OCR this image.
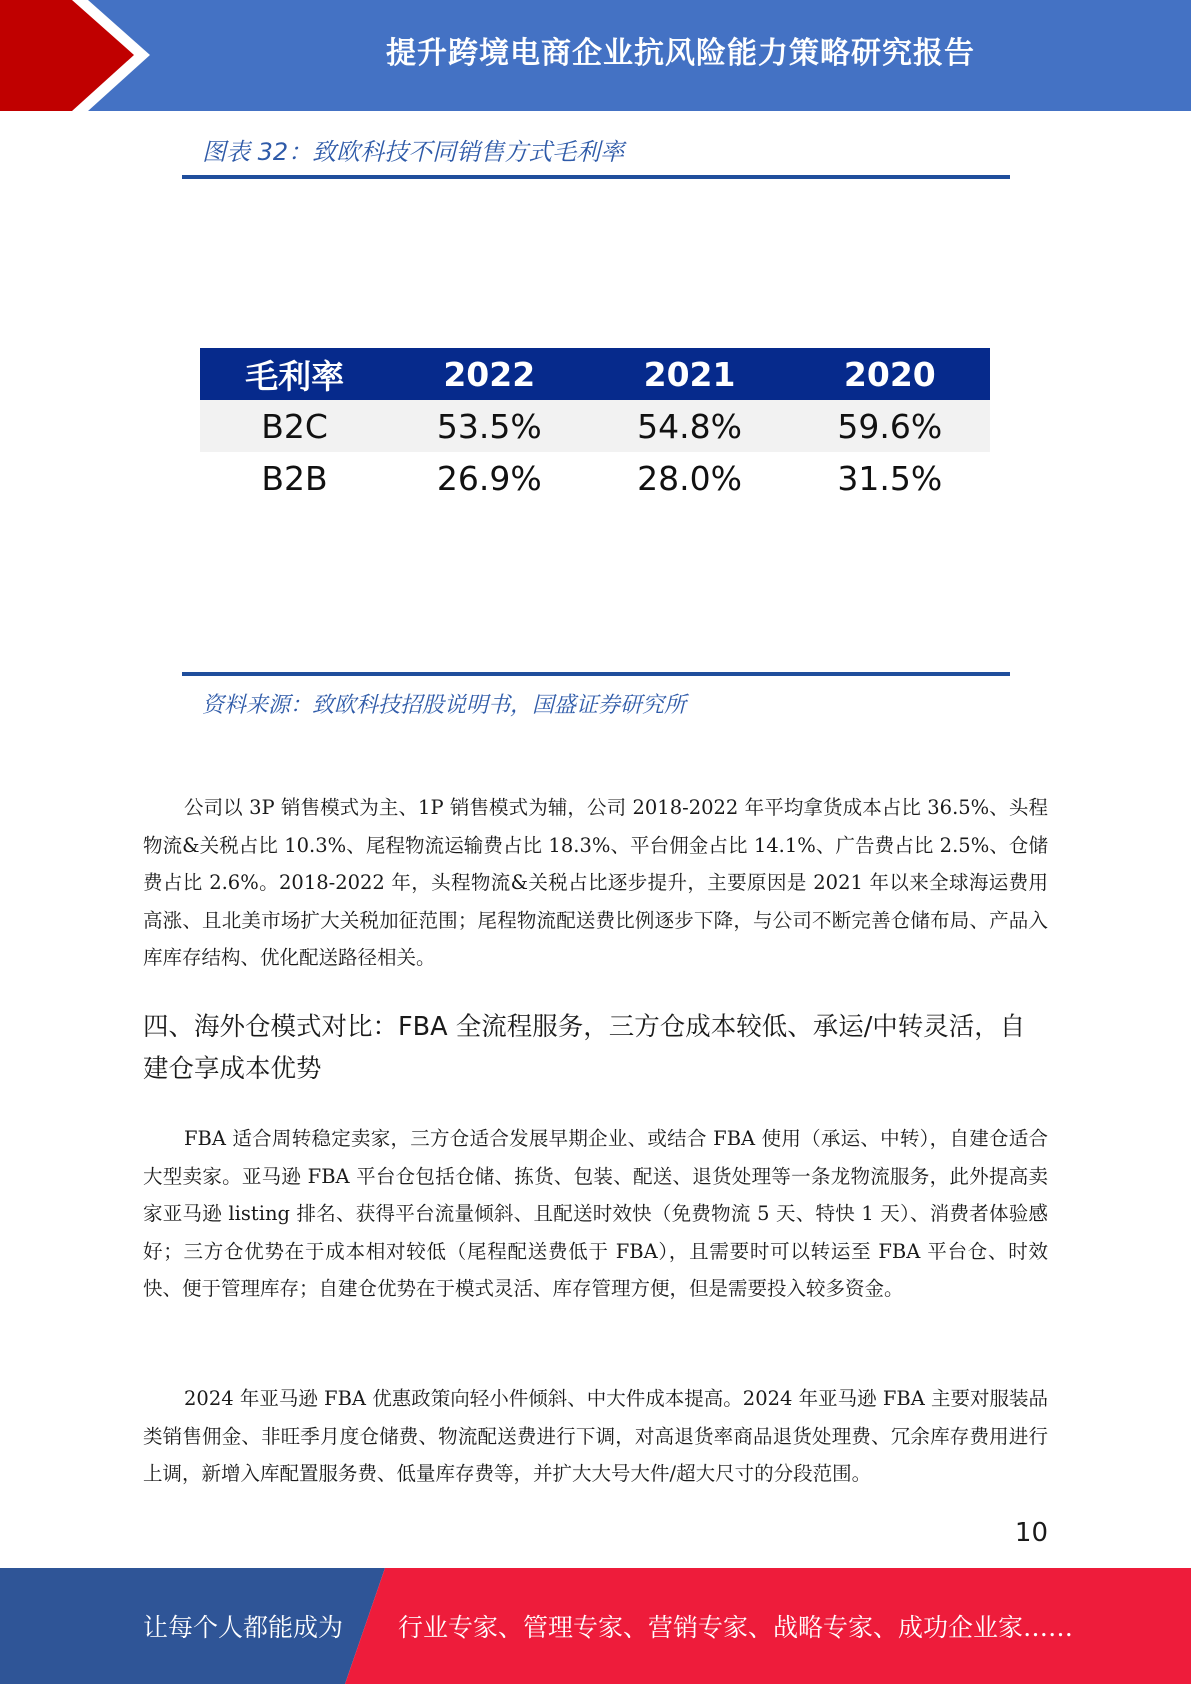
提升跨境电商企业抗风险能力策略研究报告
图表 32：致欧科技不同销售方式毛利率
毛利率	2022	2021	2020
B2C	53.5%	54.8%	59.6%
B2B	26.9%	28.0%	31.5%
资料来源：致欧科技招股说明书，国盛证券研究所

公司以 3P 销售模式为主、1P 销售模式为辅，公司 2018-2022 年平均拿货成本占比 36.5%、头程物流&关税占比 10.3%、尾程物流运输费占比 18.3%、平台佣金占比 14.1%、广告费占比 2.5%、仓储费占比 2.6%。2018-2022 年，头程物流&关税占比逐步提升，主要原因是 2021 年以来全球海运费用高涨、且北美市场扩大关税加征范围；尾程物流配送费比例逐步下降，与公司不断完善仓储布局、产品入库库存结构、优化配送路径相关。

四、海外仓模式对比：FBA 全流程服务，三方仓成本较低、承运/中转灵活，自建仓享成本优势

FBA 适合周转稳定卖家，三方仓适合发展早期企业、或结合 FBA 使用（承运、中转），自建仓适合大型卖家。亚马逊 FBA 平台仓包括仓储、拣货、包装、配送、退货处理等一条龙物流服务，此外提高卖家亚马逊 listing 排名、获得平台流量倾斜、且配送时效快（免费物流 5 天、特快 1 天）、消费者体验感好；三方仓优势在于成本相对较低（尾程配送费低于 FBA），且需要时可以转运至 FBA 平台仓、时效快、便于管理库存；自建仓优势在于模式灵活、库存管理方便，但是需要投入较多资金。

2024 年亚马逊 FBA 优惠政策向轻小件倾斜、中大件成本提高。2024 年亚马逊 FBA 主要对服装品类销售佣金、非旺季月度仓储费、物流配送费进行下调，对高退货率商品退货处理费、冗余库存费用进行上调，新增入库配置服务费、低量库存费等，并扩大大号大件/超大尺寸的分段范围。

10
让每个人都能成为 行业专家、管理专家、营销专家、战略专家、成功企业家……
